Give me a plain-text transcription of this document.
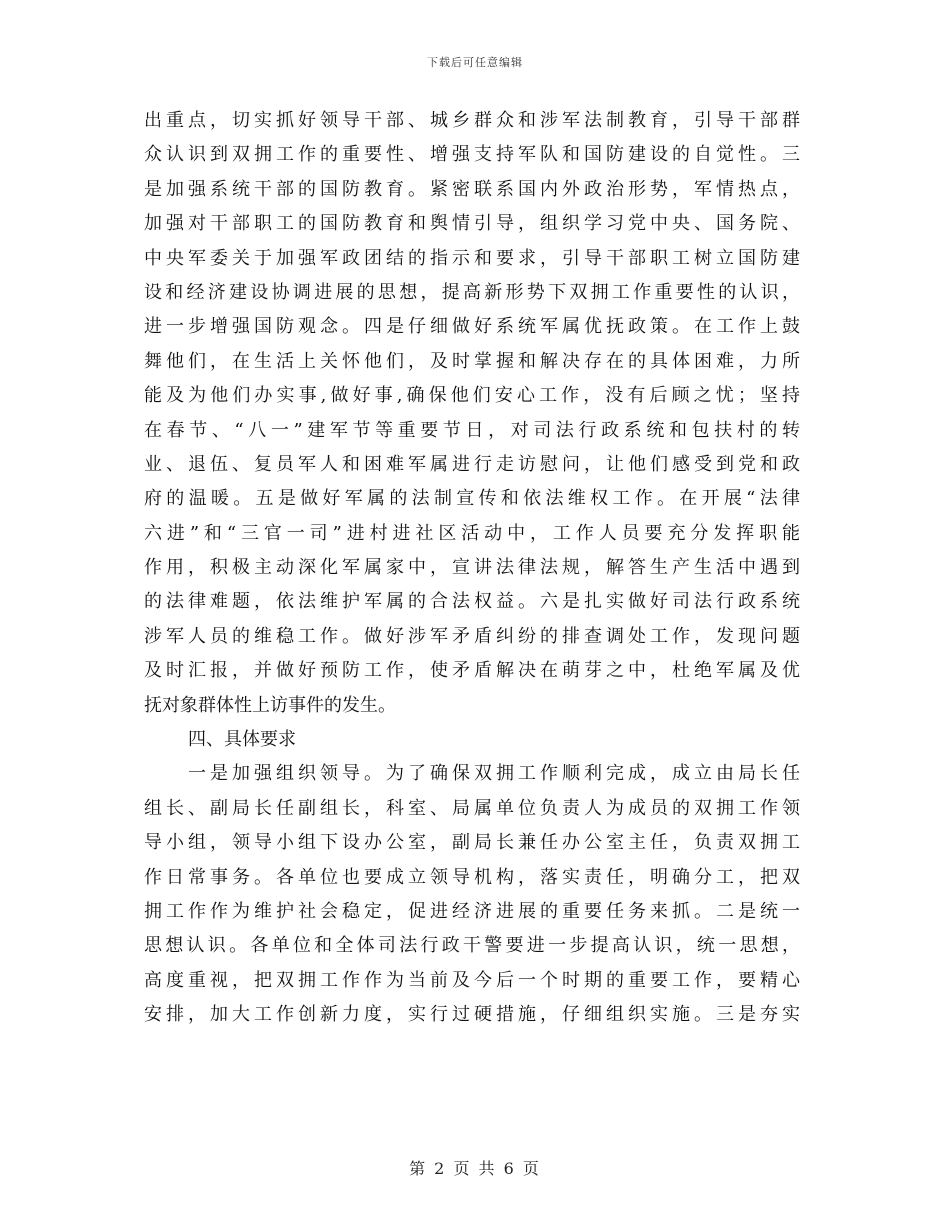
下载后可任意编辑
出重点，切实抓好领导干部、城乡群众和涉军法制教育，引导干部群
众认识到双拥工作的重要性、增强支持军队和国防建设的自觉性。三
是加强系统干部的国防教育。紧密联系国内外政治形势，军情热点，
加强对干部职工的国防教育和舆情引导，组织学习党中央、国务院、
中央军委关于加强军政团结的指示和要求，引导干部职工树立国防建
设和经济建设协调进展的思想，提高新形势下双拥工作重要性的认识，
进一步增强国防观念。四是仔细做好系统军属优抚政策。在工作上鼓
舞他们，在生活上关怀他们，及时掌握和解决存在的具体困难，力所
能及为他们办实事,做好事,确保他们安心工作，没有后顾之忧；坚持
在春节、“八一”建军节等重要节日，对司法行政系统和包扶村的转
业、退伍、复员军人和困难军属进行走访慰问，让他们感受到党和政
府的温暖。五是做好军属的法制宣传和依法维权工作。在开展“法律
六进”和“三官一司”进村进社区活动中，工作人员要充分发挥职能
作用，积极主动深化军属家中，宣讲法律法规，解答生产生活中遇到
的法律难题，依法维护军属的合法权益。六是扎实做好司法行政系统
涉军人员的维稳工作。做好涉军矛盾纠纷的排查调处工作，发现问题
及时汇报，并做好预防工作，使矛盾解决在萌芽之中，杜绝军属及优
抚对象群体性上访事件的发生。
四、具体要求
一是加强组织领导。为了确保双拥工作顺利完成，成立由局长任
组长、副局长任副组长，科室、局属单位负责人为成员的双拥工作领
导小组，领导小组下设办公室，副局长兼任办公室主任，负责双拥工
作日常事务。各单位也要成立领导机构，落实责任，明确分工，把双
拥工作作为维护社会稳定，促进经济进展的重要任务来抓。二是统一
思想认识。各单位和全体司法行政干警要进一步提高认识，统一思想，
高度重视，把双拥工作作为当前及今后一个时期的重要工作，要精心
安排，加大工作创新力度，实行过硬措施，仔细组织实施。三是夯实
第 2 页 共 6 页
